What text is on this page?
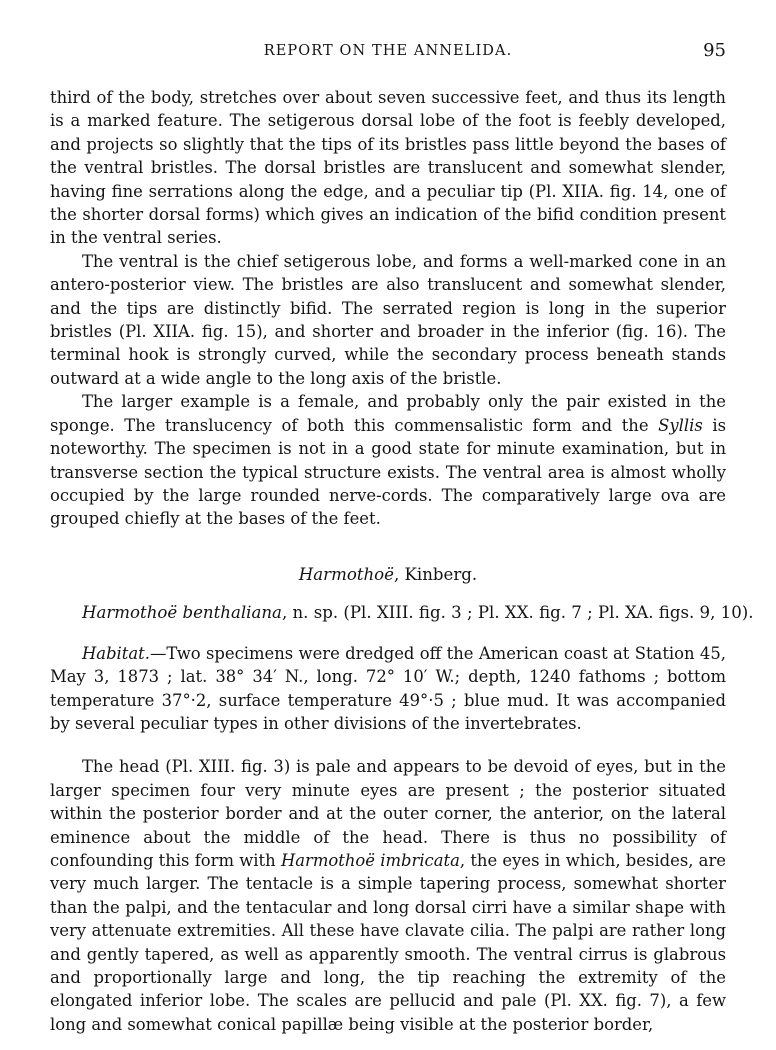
REPORT ON THE ANNELIDA.	95

third of the body, stretches over about seven successive feet, and thus its length is a marked feature. The setigerous dorsal lobe of the foot is feebly developed, and projects so slightly that the tips of its bristles pass little beyond the bases of the ventral bristles. The dorsal bristles are translucent and somewhat slender, having fine serrations along the edge, and a peculiar tip (Pl. XIIA. fig. 14, one of the shorter dorsal forms) which gives an indication of the bifid condition present in the ventral series.

The ventral is the chief setigerous lobe, and forms a well-marked cone in an antero-posterior view. The bristles are also translucent and somewhat slender, and the tips are distinctly bifid. The serrated region is long in the superior bristles (Pl. XIIA. fig. 15), and shorter and broader in the inferior (fig. 16). The terminal hook is strongly curved, while the secondary process beneath stands outward at a wide angle to the long axis of the bristle.

The larger example is a female, and probably only the pair existed in the sponge. The translucency of both this commensalistic form and the Syllis is noteworthy. The specimen is not in a good state for minute examination, but in transverse section the typical structure exists. The ventral area is almost wholly occupied by the large rounded nerve-cords. The comparatively large ova are grouped chiefly at the bases of the feet.

Harmothoë, Kinberg.
Harmothoë benthaliana, n. sp. (Pl. XIII. fig. 3 ; Pl. XX. fig. 7 ; Pl. XA. figs. 9, 10).

Habitat.—Two specimens were dredged off the American coast at Station 45, May 3, 1873 ; lat. 38° 34′ N., long. 72° 10′ W.; depth, 1240 fathoms ; bottom temperature 37°·2, surface temperature 49°·5 ; blue mud. It was accompanied by several peculiar types in other divisions of the invertebrates.

The head (Pl. XIII. fig. 3) is pale and appears to be devoid of eyes, but in the larger specimen four very minute eyes are present ; the posterior situated within the posterior border and at the outer corner, the anterior, on the lateral eminence about the middle of the head. There is thus no possibility of confounding this form with Harmothoë imbricata, the eyes in which, besides, are very much larger. The tentacle is a simple tapering process, somewhat shorter than the palpi, and the tentacular and long dorsal cirri have a similar shape with very attenuate extremities. All these have clavate cilia. The palpi are rather long and gently tapered, as well as apparently smooth. The ventral cirrus is glabrous and proportionally large and long, the tip reaching the extremity of the elongated inferior lobe. The scales are pellucid and pale (Pl. XX. fig. 7), a few long and somewhat conical papillæ being visible at the posterior border,
